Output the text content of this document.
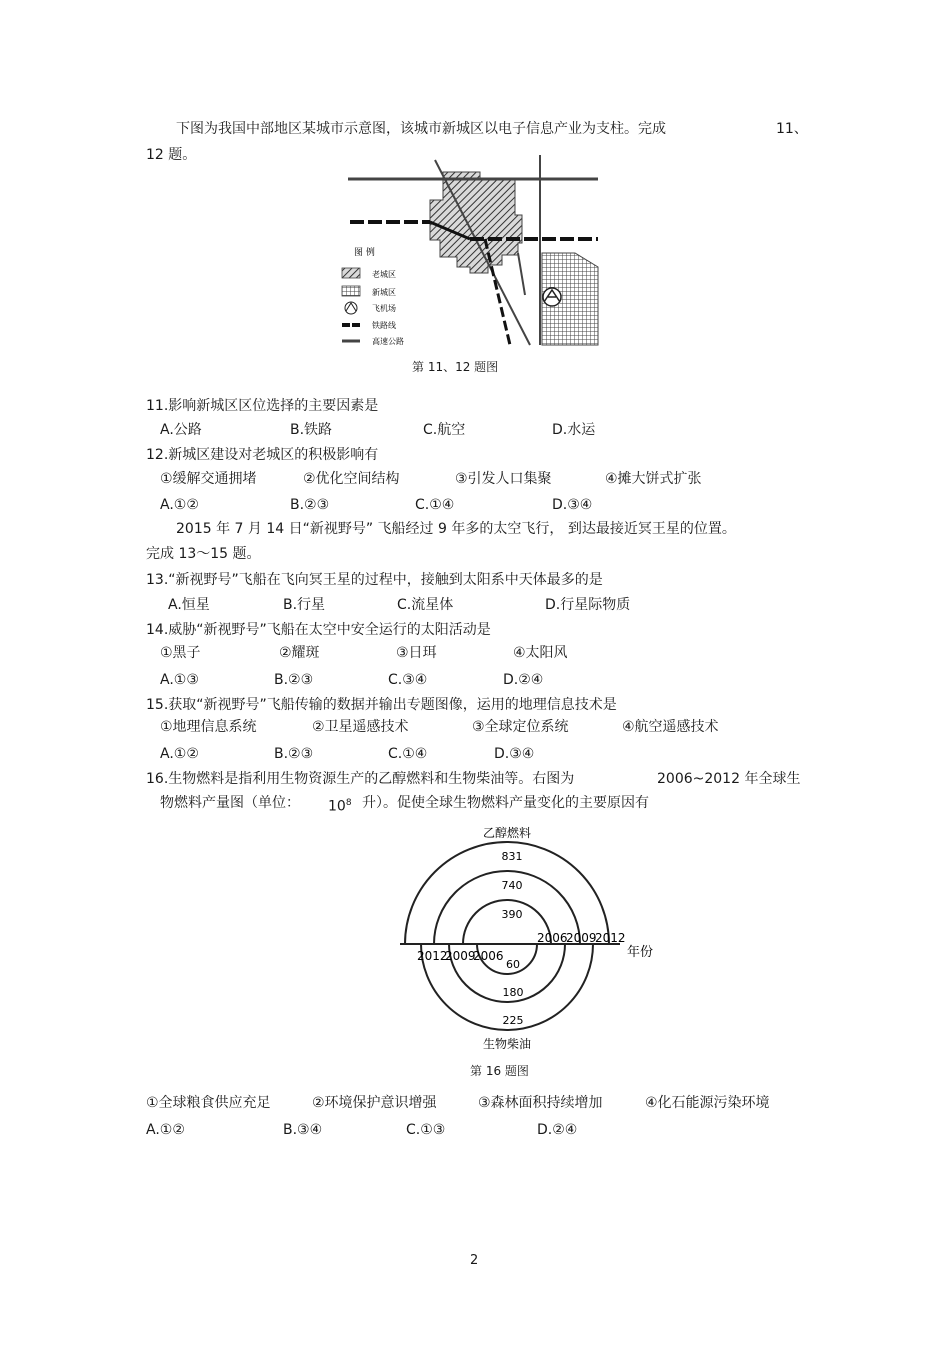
下图为我国中部地区某城市示意图，该城市新城区以电子信息产业为支柱。完成	11、
12 题。
图 例
老城区
新城区
飞机场
铁路线
高速公路
第 11、12 题图
11.影响新城区区位选择的主要因素是
A.公路	B.铁路	C.航空	D.水运
12.新城区建设对老城区的积极影响有
①缓解交通拥堵	②优化空间结构	③引发人口集聚	④摊大饼式扩张
A.①②	B.②③	C.①④	D.③④
2015 年 7 月 14 日“新视野号” 飞船经过 9 年多的太空飞行， 到达最接近冥王星的位置。
完成 13～15 题。
13.“新视野号”飞船在飞向冥王星的过程中，接触到太阳系中天体最多的是
A.恒星	B.行星	C.流星体	D.行星际物质
14.威胁“新视野号”飞船在太空中安全运行的太阳活动是
①黑子	②耀斑	③日珥	④太阳风
A.①③	B.②③	C.③④	D.②④
15.获取“新视野号”飞船传输的数据并输出专题图像，运用的地理信息技术是
①地理信息系统	②卫星遥感技术	③全球定位系统	④航空遥感技术
A.①②	B.②③	C.①④	D.③④
16.生物燃料是指利用生物资源生产的乙醇燃料和生物柴油等。右图为	2006~2012 年全球生
物燃料产量图（单位： $10^8$ 升）。促使全球生物燃料产量变化的主要原因有
390
740
831
60
180
225
2006
2009
2012
2006
2009
2012
乙醇燃料
生物柴油
年份
第 16 题图
①全球粮食供应充足	②环境保护意识增强	③森林面积持续增加	④化石能源污染环境
A.①②	B.③④	C.①③	D.②④
2
